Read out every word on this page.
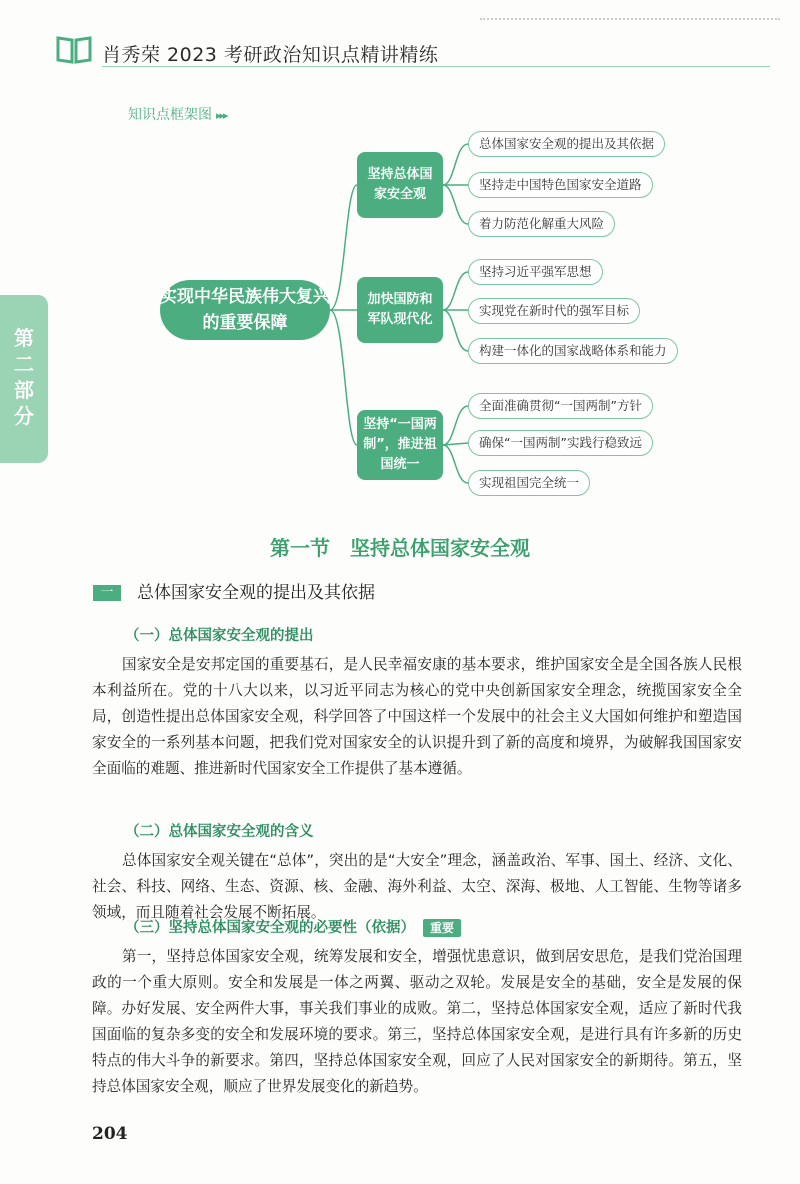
肖秀荣 2023 考研政治知识点精讲精练
第二部分
知识点框架图 ▸▸▸
实现中华民族伟大复兴的重要保障
坚持总体国家安全观
加快国防和军队现代化
坚持“一国两制”，推进祖国统一
总体国家安全观的提出及其依据
坚持走中国特色国家安全道路
着力防范化解重大风险
坚持习近平强军思想
实现党在新时代的强军目标
构建一体化的国家战略体系和能力
全面准确贯彻“一国两制”方针
确保“一国两制”实践行稳致远
实现祖国完全统一
第一节 坚持总体国家安全观
一 总体国家安全观的提出及其依据
（一）总体国家安全观的提出

国家安全是安邦定国的重要基石，是人民幸福安康的基本要求，维护国家安全是全国各族人民根本利益所在。党的十八大以来，以习近平同志为核心的党中央创新国家安全理念，统揽国家安全全局，创造性提出总体国家安全观，科学回答了中国这样一个发展中的社会主义大国如何维护和塑造国家安全的一系列基本问题，把我们党对国家安全的认识提升到了新的高度和境界，为破解我国国家安全面临的难题、推进新时代国家安全工作提供了基本遵循。

（二）总体国家安全观的含义

总体国家安全观关键在“总体”，突出的是“大安全”理念，涵盖政治、军事、国土、经济、文化、社会、科技、网络、生态、资源、核、金融、海外利益、太空、深海、极地、人工智能、生物等诸多领域，而且随着社会发展不断拓展。

（三）坚持总体国家安全观的必要性（依据） 重要

第一，坚持总体国家安全观，统筹发展和安全，增强忧患意识，做到居安思危，是我们党治国理政的一个重大原则。安全和发展是一体之两翼、驱动之双轮。发展是安全的基础，安全是发展的保障。办好发展、安全两件大事，事关我们事业的成败。第二，坚持总体国家安全观，适应了新时代我国面临的复杂多变的安全和发展环境的要求。第三，坚持总体国家安全观，是进行具有许多新的历史特点的伟大斗争的新要求。第四，坚持总体国家安全观，回应了人民对国家安全的新期待。第五，坚持总体国家安全观，顺应了世界发展变化的新趋势。

204
